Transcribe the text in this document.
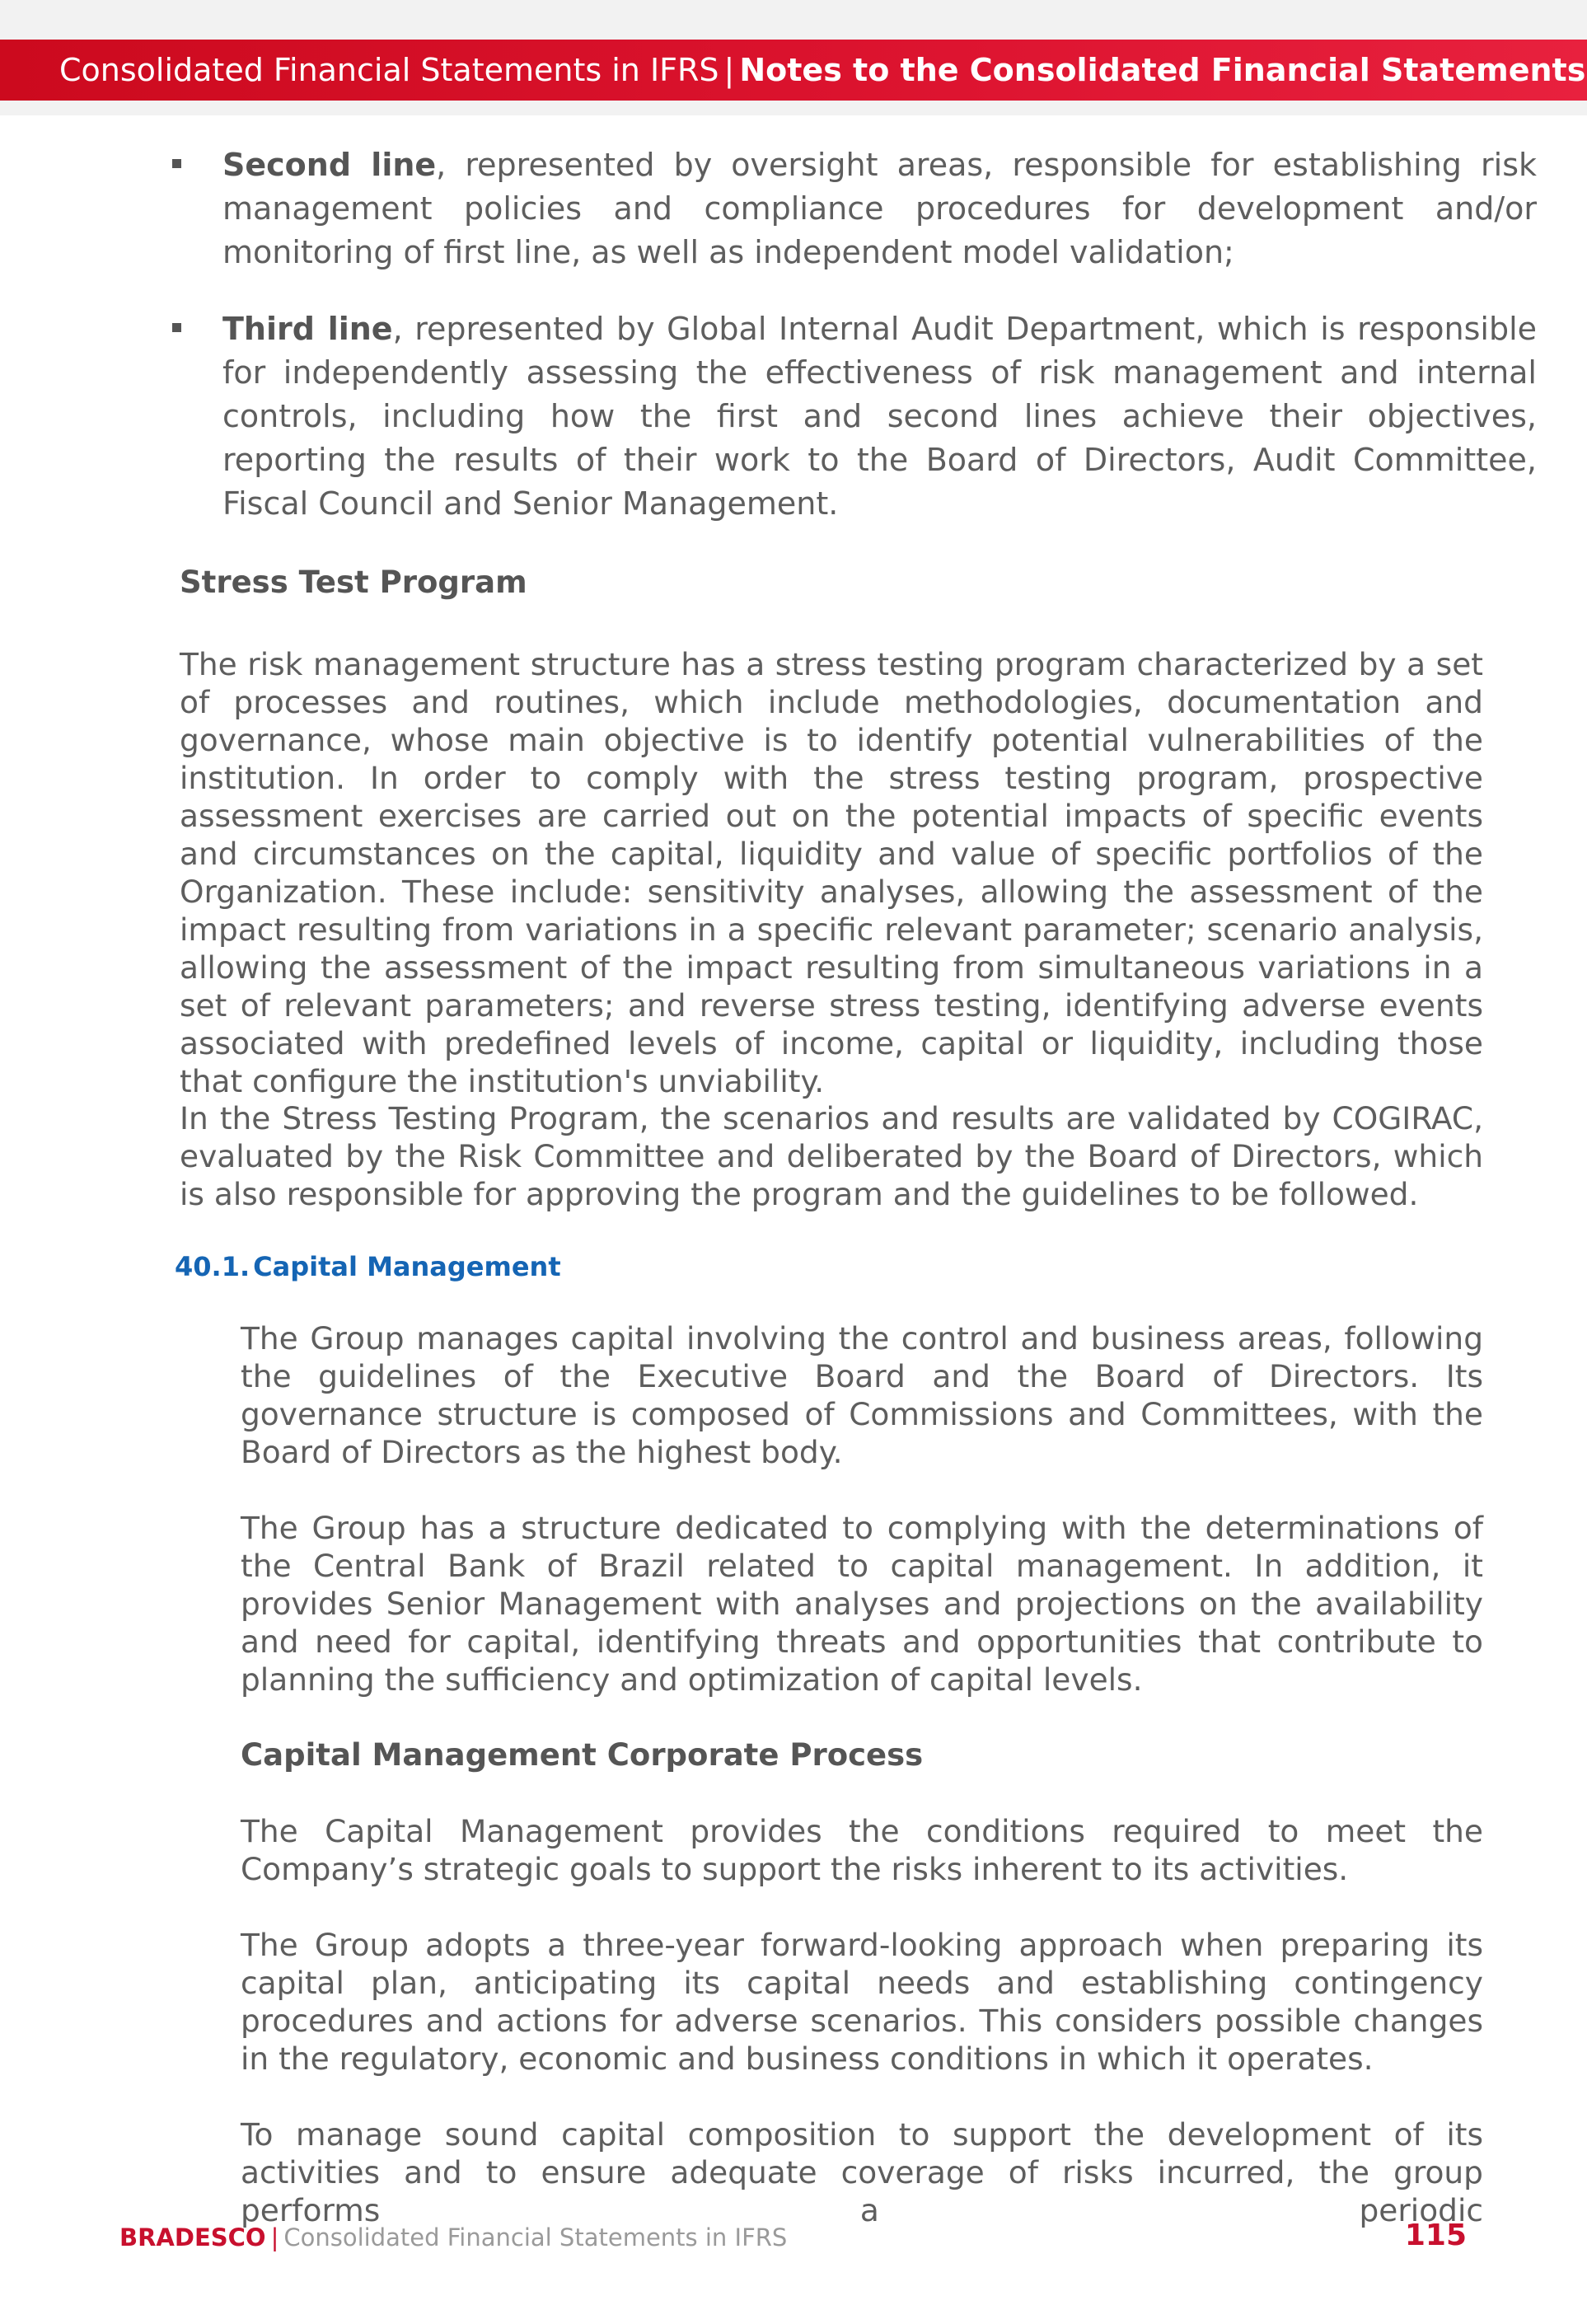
Consolidated Financial Statements in IFRS | Notes to the Consolidated Financial Statements
Second line, represented by oversight areas, responsible for establishing risk management policies and compliance procedures for development and/or monitoring of first line, as well as independent model validation;
Third line, represented by Global Internal Audit Department, which is responsible for independently assessing the effectiveness of risk management and internal controls, including how the first and second lines achieve their objectives, reporting the results of their work to the Board of Directors, Audit Committee, Fiscal Council and Senior Management.
Stress Test Program
The risk management structure has a stress testing program characterized by a set of processes and routines, which include methodologies, documentation and governance, whose main objective is to identify potential vulnerabilities of the institution. In order to comply with the stress testing program, prospective assessment exercises are carried out on the potential impacts of specific events and circumstances on the capital, liquidity and value of specific portfolios of the Organization. These include: sensitivity analyses, allowing the assessment of the impact resulting from variations in a specific relevant parameter; scenario analysis, allowing the assessment of the impact resulting from simultaneous variations in a set of relevant parameters; and reverse stress testing, identifying adverse events associated with predefined levels of income, capital or liquidity, including those that configure the institution's unviability.
In the Stress Testing Program, the scenarios and results are validated by COGIRAC, evaluated by the Risk Committee and deliberated by the Board of Directors, which is also responsible for approving the program and the guidelines to be followed.
40.1. Capital Management
The Group manages capital involving the control and business areas, following the guidelines of the Executive Board and the Board of Directors. Its governance structure is composed of Commissions and Committees, with the Board of Directors as the highest body.
The Group has a structure dedicated to complying with the determinations of the Central Bank of Brazil related to capital management. In addition, it provides Senior Management with analyses and projections on the availability and need for capital, identifying threats and opportunities that contribute to planning the sufficiency and optimization of capital levels.
Capital Management Corporate Process
The Capital Management provides the conditions required to meet the Company’s strategic goals to support the risks inherent to its activities.
The Group adopts a three-year forward-looking approach when preparing its capital plan, anticipating its capital needs and establishing contingency procedures and actions for adverse scenarios. This considers possible changes in the regulatory, economic and business conditions in which it operates.
To manage sound capital composition to support the development of its activities and to ensure adequate coverage of risks incurred, the group performs a periodic
BRADESCO | Consolidated Financial Statements in IFRS	115
